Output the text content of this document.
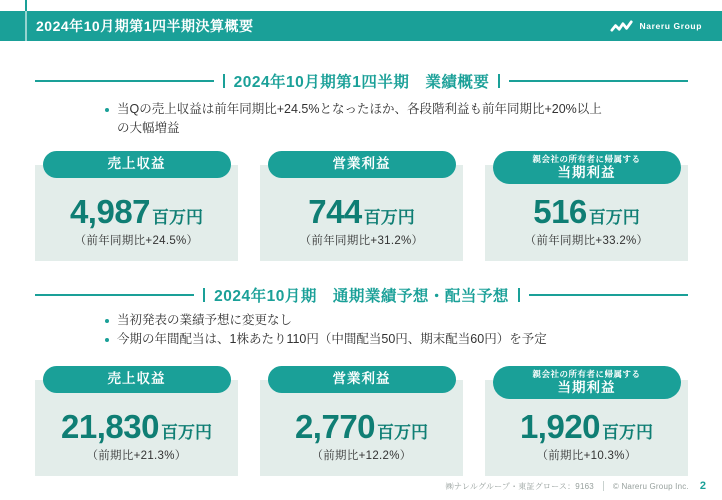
2024年10月期第1四半期決算概要	Nareru Group
2024年10月期第1四半期　業績概要
当Qの売上収益は前年同期比+24.5%となったほか、各段階利益も前年同期比+20%以上の大幅増益
売上収益
4,987 百万円
（前年同期比+24.5%）
営業利益
744 百万円
（前年同期比+31.2%）
親会社の所有者に帰属する
当期利益
516 百万円
（前年同期比+33.2%）
2024年10月期　通期業績予想・配当予想
当初発表の業績予想に変更なし
今期の年間配当は、1株あたり110円（中間配当50円、期末配当60円）を予定
売上収益
21,830 百万円
（前期比+21.3%）
営業利益
2,770 百万円
（前期比+12.2%）
親会社の所有者に帰属する
当期利益
1,920 百万円
（前期比+10.3%）
㈱ナレルグループ・東証グロース：9163 © Nareru Group Inc. 2
